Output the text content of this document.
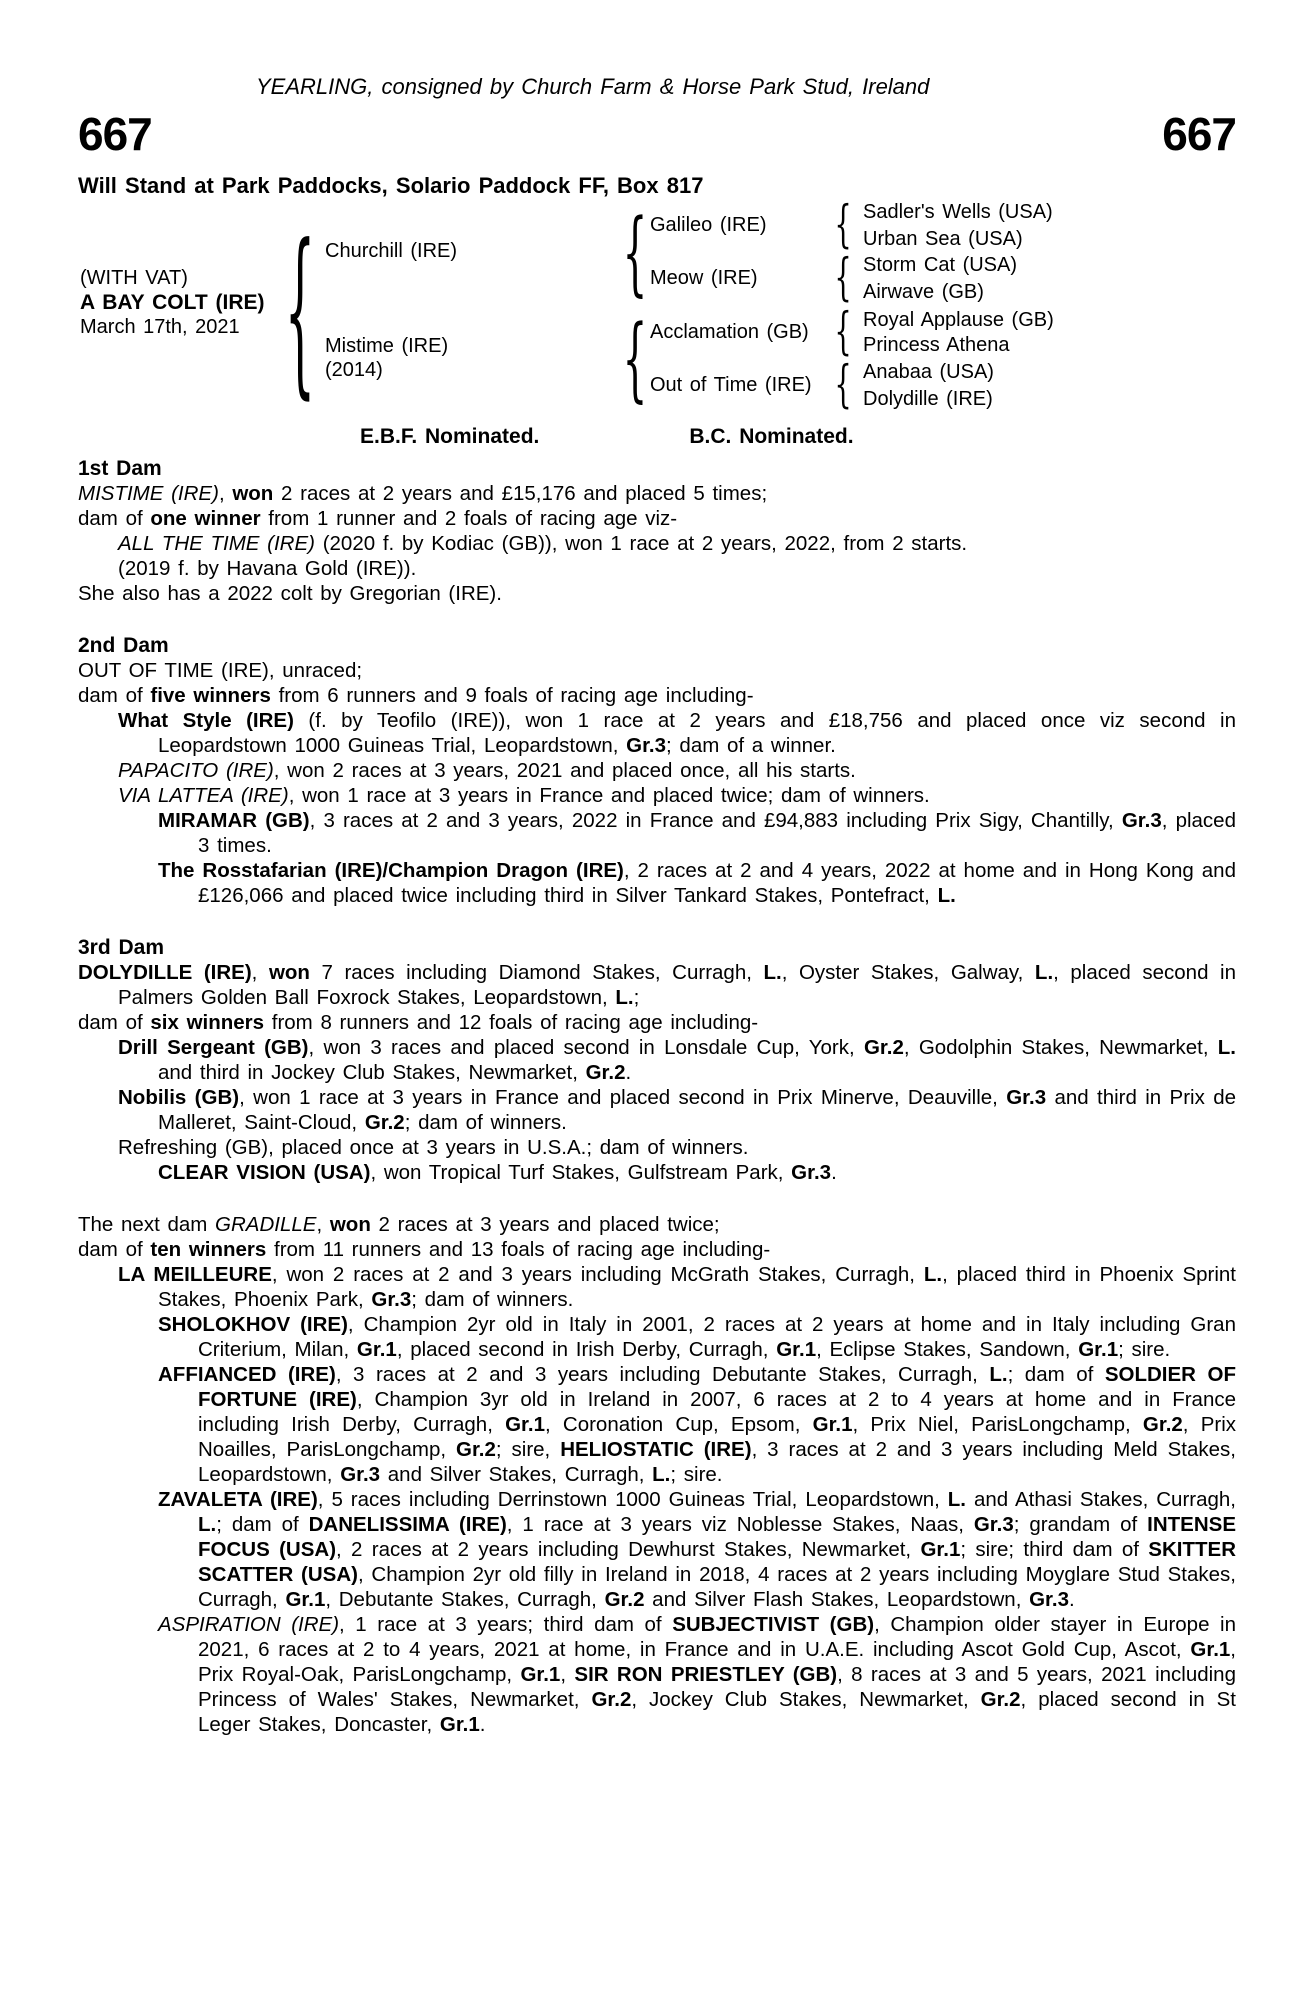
YEARLING, consigned by Church Farm & Horse Park Stud, Ireland
667	667
Will Stand at Park Paddocks, Solario Paddock FF, Box 817
(WITH VAT)
A BAY COLT (IRE)
March 17th, 2021
{
Churchill (IRE)
Mistime (IRE)
(2014)
{
{
Galileo (IRE)
Meow (IRE)
Acclamation (GB)
Out of Time (IRE)
{
{
{
{
Sadler's Wells (USA)
Urban Sea (USA)
Storm Cat (USA)
Airwave (GB)
Royal Applause (GB)
Princess Athena
Anabaa (USA)
Dolydille (IRE)
E.B.F. Nominated.	B.C. Nominated.
1st Dam

MISTIME (IRE), won 2 races at 2 years and £15,176 and placed 5 times;

dam of one winner from 1 runner and 2 foals of racing age viz-

ALL THE TIME (IRE) (2020 f. by Kodiac (GB)), won 1 race at 2 years, 2022, from 2 starts.

(2019 f. by Havana Gold (IRE)).

She also has a 2022 colt by Gregorian (IRE).

2nd Dam

OUT OF TIME (IRE), unraced;

dam of five winners from 6 runners and 9 foals of racing age including-

What Style (IRE) (f. by Teofilo (IRE)), won 1 race at 2 years and £18,756 and placed once viz second in Leopardstown 1000 Guineas Trial, Leopardstown, Gr.3; dam of a winner.

PAPACITO (IRE), won 2 races at 3 years, 2021 and placed once, all his starts.

VIA LATTEA (IRE), won 1 race at 3 years in France and placed twice; dam of winners.

MIRAMAR (GB), 3 races at 2 and 3 years, 2022 in France and £94,883 including Prix Sigy, Chantilly, Gr.3, placed 3 times.

The Rosstafarian (IRE)/Champion Dragon (IRE), 2 races at 2 and 4 years, 2022 at home and in Hong Kong and £126,066 and placed twice including third in Silver Tankard Stakes, Pontefract, L.

3rd Dam

DOLYDILLE (IRE), won 7 races including Diamond Stakes, Curragh, L., Oyster Stakes, Galway, L., placed second in Palmers Golden Ball Foxrock Stakes, Leopardstown, L.;

dam of six winners from 8 runners and 12 foals of racing age including-

Drill Sergeant (GB), won 3 races and placed second in Lonsdale Cup, York, Gr.2, Godolphin Stakes, Newmarket, L. and third in Jockey Club Stakes, Newmarket, Gr.2.

Nobilis (GB), won 1 race at 3 years in France and placed second in Prix Minerve, Deauville, Gr.3 and third in Prix de Malleret, Saint-Cloud, Gr.2; dam of winners.

Refreshing (GB), placed once at 3 years in U.S.A.; dam of winners.

CLEAR VISION (USA), won Tropical Turf Stakes, Gulfstream Park, Gr.3.

The next dam GRADILLE, won 2 races at 3 years and placed twice;

dam of ten winners from 11 runners and 13 foals of racing age including-

LA MEILLEURE, won 2 races at 2 and 3 years including McGrath Stakes, Curragh, L., placed third in Phoenix Sprint Stakes, Phoenix Park, Gr.3; dam of winners.

SHOLOKHOV (IRE), Champion 2yr old in Italy in 2001, 2 races at 2 years at home and in Italy including Gran Criterium, Milan, Gr.1, placed second in Irish Derby, Curragh, Gr.1, Eclipse Stakes, Sandown, Gr.1; sire.

AFFIANCED (IRE), 3 races at 2 and 3 years including Debutante Stakes, Curragh, L.; dam of SOLDIER OF FORTUNE (IRE), Champion 3yr old in Ireland in 2007, 6 races at 2 to 4 years at home and in France including Irish Derby, Curragh, Gr.1, Coronation Cup, Epsom, Gr.1, Prix Niel, ParisLongchamp, Gr.2, Prix Noailles, ParisLongchamp, Gr.2; sire, HELIOSTATIC (IRE), 3 races at 2 and 3 years including Meld Stakes, Leopardstown, Gr.3 and Silver Stakes, Curragh, L.; sire.

ZAVALETA (IRE), 5 races including Derrinstown 1000 Guineas Trial, Leopardstown, L. and Athasi Stakes, Curragh, L.; dam of DANELISSIMA (IRE), 1 race at 3 years viz Noblesse Stakes, Naas, Gr.3; grandam of INTENSE FOCUS (USA), 2 races at 2 years including Dewhurst Stakes, Newmarket, Gr.1; sire; third dam of SKITTER SCATTER (USA), Champion 2yr old filly in Ireland in 2018, 4 races at 2 years including Moyglare Stud Stakes, Curragh, Gr.1, Debutante Stakes, Curragh, Gr.2 and Silver Flash Stakes, Leopardstown, Gr.3.

ASPIRATION (IRE), 1 race at 3 years; third dam of SUBJECTIVIST (GB), Champion older stayer in Europe in 2021, 6 races at 2 to 4 years, 2021 at home, in France and in U.A.E. including Ascot Gold Cup, Ascot, Gr.1, Prix Royal-Oak, ParisLongchamp, Gr.1, SIR RON PRIESTLEY (GB), 8 races at 3 and 5 years, 2021 including Princess of Wales' Stakes, Newmarket, Gr.2, Jockey Club Stakes, Newmarket, Gr.2, placed second in St Leger Stakes, Doncaster, Gr.1.
